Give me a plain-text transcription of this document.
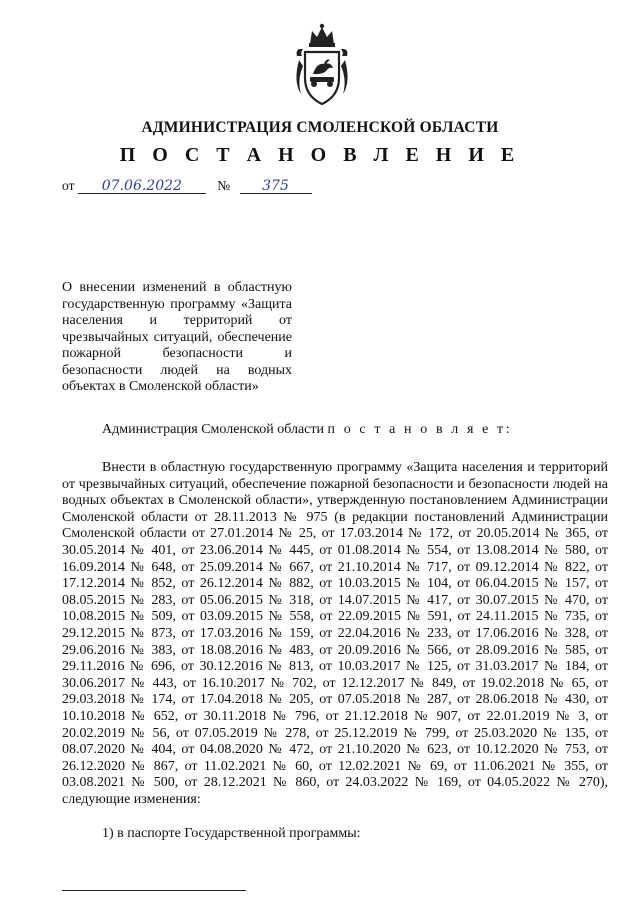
АДМИНИСТРАЦИЯ СМОЛЕНСКОЙ ОБЛАСТИ
П О С Т А Н О В Л Е Н И Е
от 07.06.2022	№ 375
О внесении изменений в областную государственную программу «Защита населения и территорий от чрезвычайных ситуаций, обеспечение пожарной безопасности и безопасности людей на водных объектах в Смоленской области»
Администрация Смоленской области п о с т а н о в л я е т:

Внести в областную государственную программу «Защита населения и территорий от чрезвычайных ситуаций, обеспечение пожарной безопасности и безопасности людей на водных объектах в Смоленской области», утвержденную постановлением Администрации Смоленской области от 28.11.2013 № 975 (в редакции постановлений Администрации Смоленской области от 27.01.2014 № 25, от 17.03.2014 № 172, от 20.05.2014 № 365, от 30.05.2014 № 401, от 23.06.2014 № 445, от 01.08.2014 № 554, от 13.08.2014 № 580, от 16.09.2014 № 648, от 25.09.2014 № 667, от 21.10.2014 № 717, от 09.12.2014 № 822, от 17.12.2014 № 852, от 26.12.2014 № 882, от 10.03.2015 № 104, от 06.04.2015 № 157, от 08.05.2015 № 283, от 05.06.2015 № 318, от 14.07.2015 № 417, от 30.07.2015 № 470, от 10.08.2015 № 509, от 03.09.2015 № 558, от 22.09.2015 № 591, от 24.11.2015 № 735, от 29.12.2015 № 873, от 17.03.2016 № 159, от 22.04.2016 № 233, от 17.06.2016 № 328, от 29.06.2016 № 383, от 18.08.2016 № 483, от 20.09.2016 № 566, от 28.09.2016 № 585, от 29.11.2016 № 696, от 30.12.2016 № 813, от 10.03.2017 № 125, от 31.03.2017 № 184, от 30.06.2017 № 443, от 16.10.2017 № 702, от 12.12.2017 № 849, от 19.02.2018 № 65, от 29.03.2018 № 174, от 17.04.2018 № 205, от 07.05.2018 № 287, от 28.06.2018 № 430, от 10.10.2018 № 652, от 30.11.2018 № 796, от 21.12.2018 № 907, от 22.01.2019 № 3, от 20.02.2019 № 56, от 07.05.2019 № 278, от 25.12.2019 № 799, от 25.03.2020 № 135, от 08.07.2020 № 404, от 04.08.2020 № 472, от 21.10.2020 № 623, от 10.12.2020 № 753, от 26.12.2020 № 867, от 11.02.2021 № 60, от 12.02.2021 № 69, от 11.06.2021 № 355, от 03.08.2021 № 500, от 28.12.2021 № 860, от 24.03.2022 № 169, от 04.05.2022 № 270), следующие изменения:

1) в паспорте Государственной программы:
